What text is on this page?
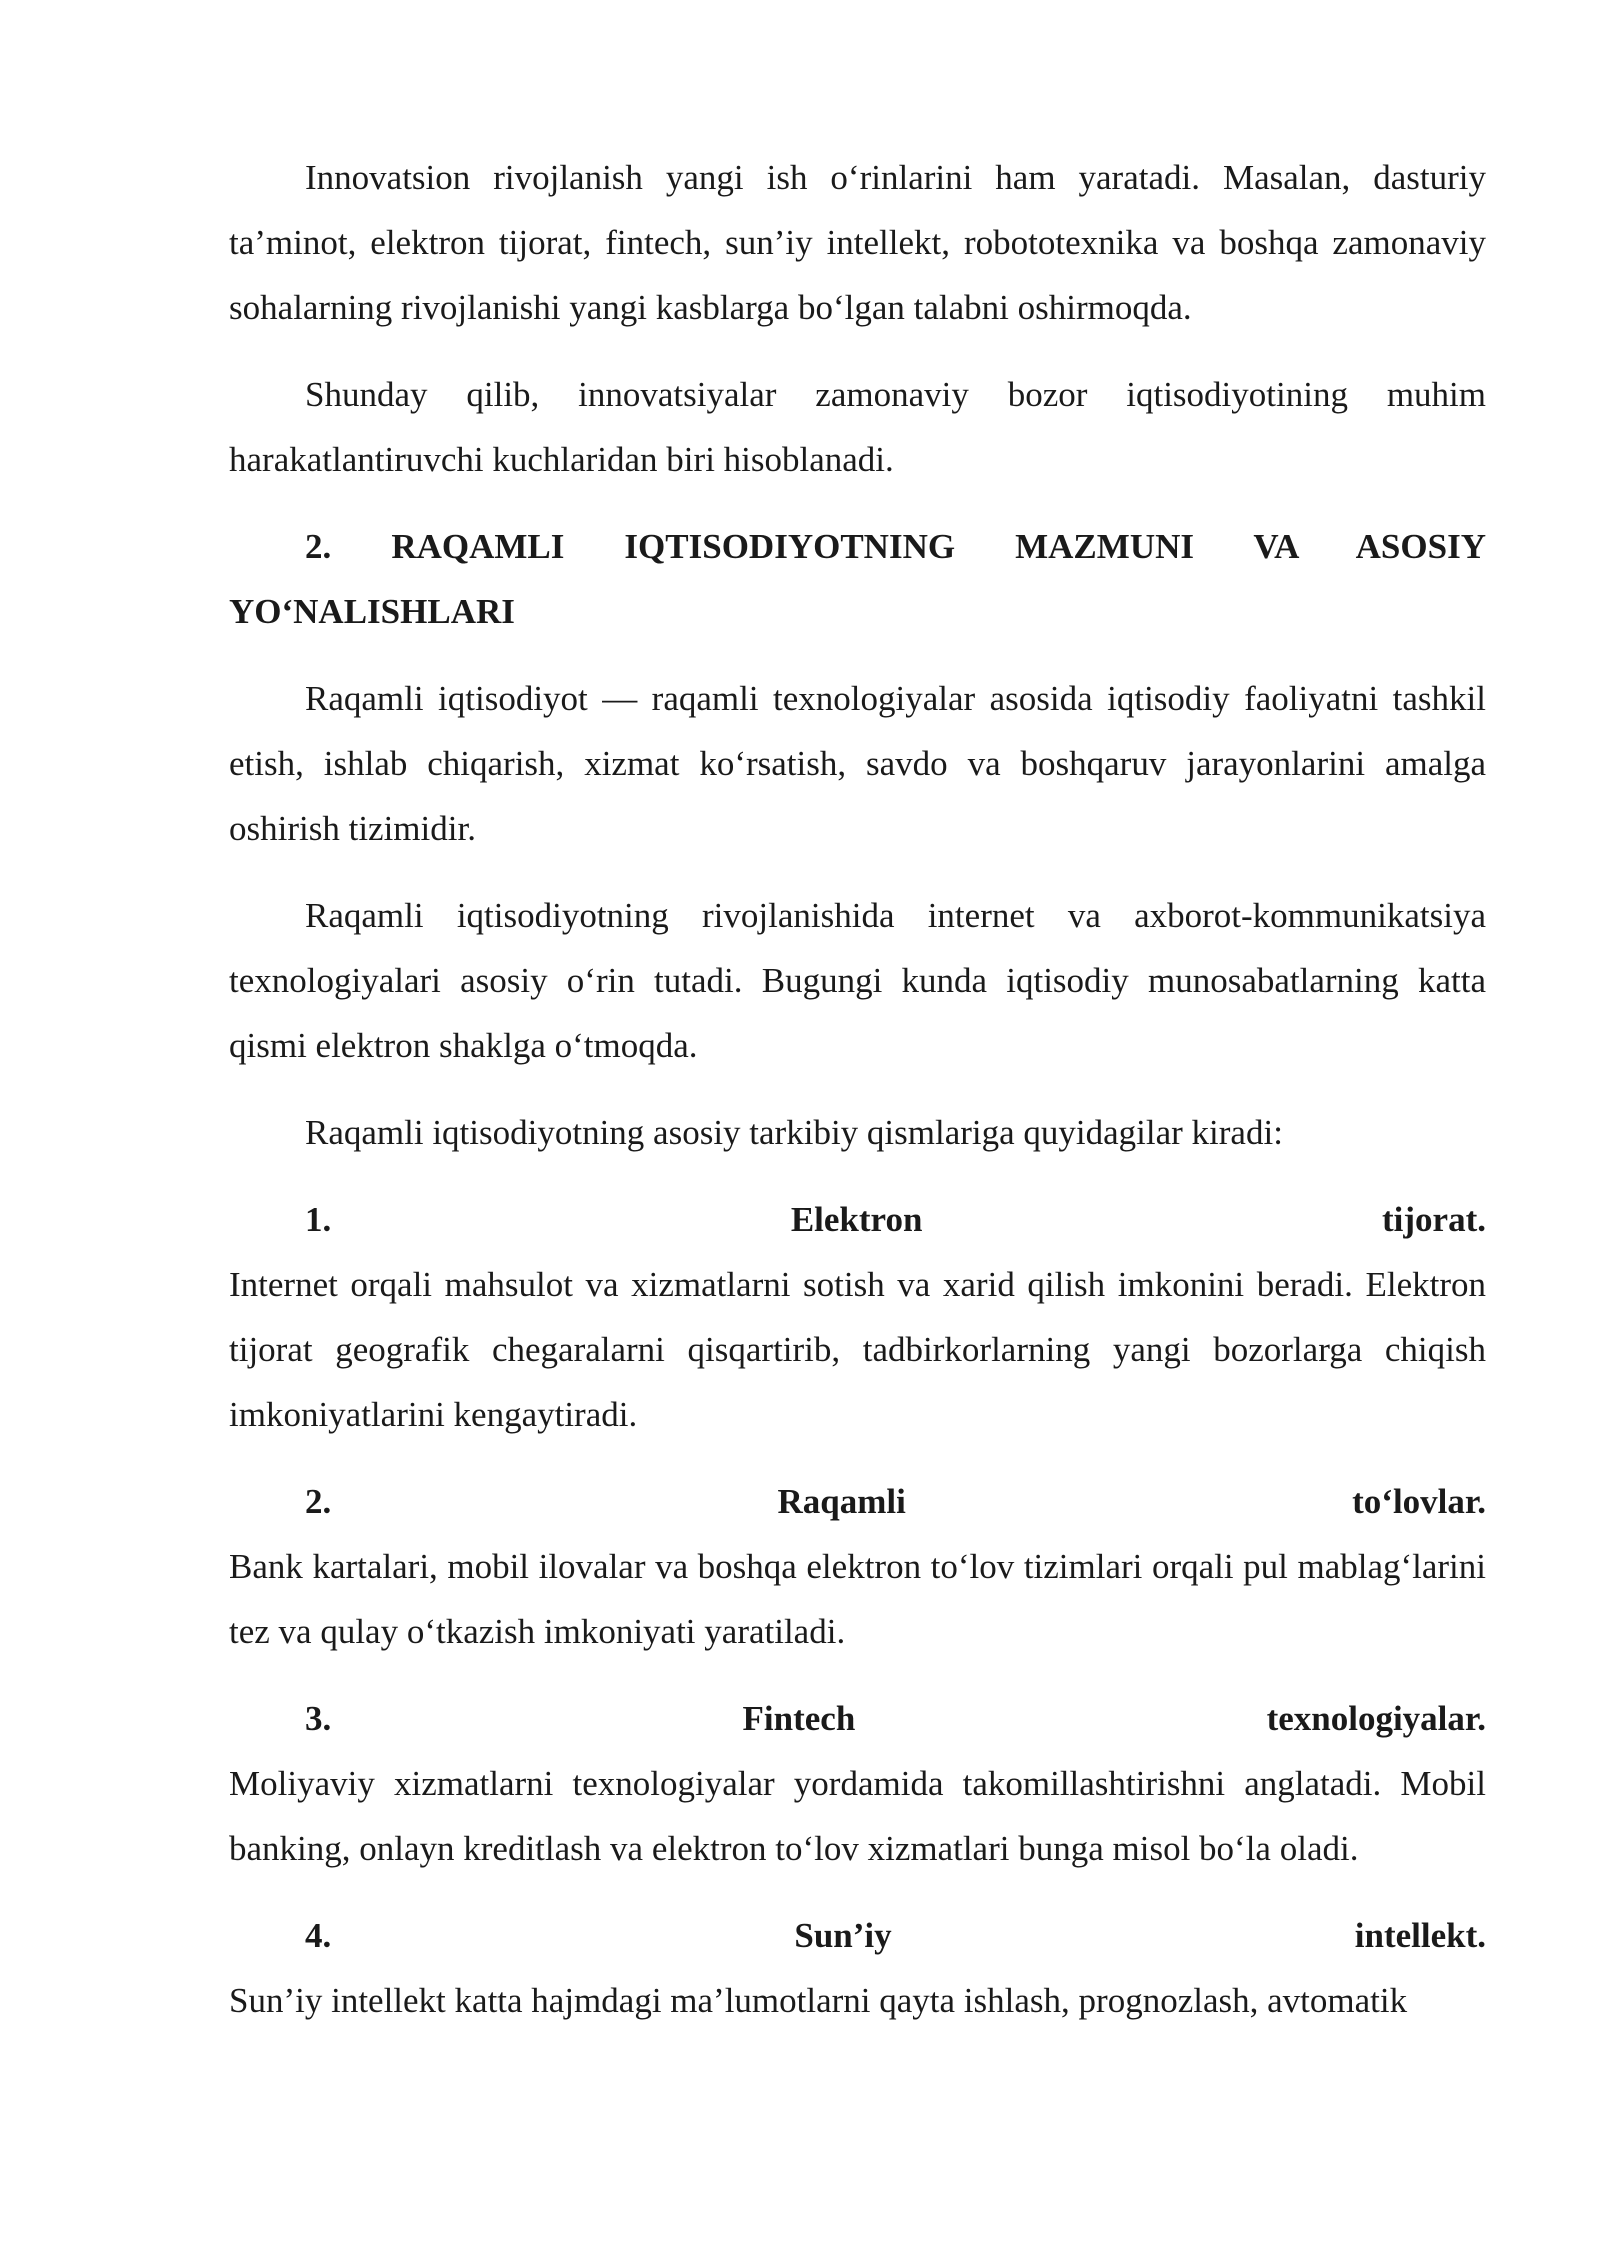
Innovatsion rivojlanish yangi ish o‘rinlarini ham yaratadi. Masalan, dasturiy ta’minot, elektron tijorat, fintech, sun’iy intellekt, robototexnika va boshqa zamonaviy sohalarning rivojlanishi yangi kasblarga bo‘lgan talabni oshirmoqda.

Shunday qilib, innovatsiyalar zamonaviy bozor iqtisodiyotining muhim harakatlantiruvchi kuchlaridan biri hisoblanadi.

2. RAQAMLI IQTISODIYOTNING MAZMUNI VA ASOSIY YO‘NALISHLARI

Raqamli iqtisodiyot — raqamli texnologiyalar asosida iqtisodiy faoliyatni tashkil etish, ishlab chiqarish, xizmat ko‘rsatish, savdo va boshqaruv jarayonlarini amalga oshirish tizimidir.

Raqamli iqtisodiyotning rivojlanishida internet va axborot-kommunikatsiya texnologiyalari asosiy o‘rin tutadi. Bugungi kunda iqtisodiy munosabatlarning katta qismi elektron shaklga o‘tmoqda.

Raqamli iqtisodiyotning asosiy tarkibiy qismlariga quyidagilar kiradi:

1.	Elektron	tijorat.
Internet orqali mahsulot va xizmatlarni sotish va xarid qilish imkonini beradi. Elektron tijorat geografik chegaralarni qisqartirib, tadbirkorlarning yangi bozorlarga chiqish imkoniyatlarini kengaytiradi.
2.	Raqamli	to‘lovlar.
Bank kartalari, mobil ilovalar va boshqa elektron to‘lov tizimlari orqali pul mablag‘larini tez va qulay o‘tkazish imkoniyati yaratiladi.
3.	Fintech	texnologiyalar.
Moliyaviy xizmatlarni texnologiyalar yordamida takomillashtirishni anglatadi. Mobil banking, onlayn kreditlash va elektron to‘lov xizmatlari bunga misol bo‘la oladi.
4.	Sun’iy	intellekt.
Sun’iy intellekt katta hajmdagi ma’lumotlarni qayta ishlash, prognozlash, avtomatik
